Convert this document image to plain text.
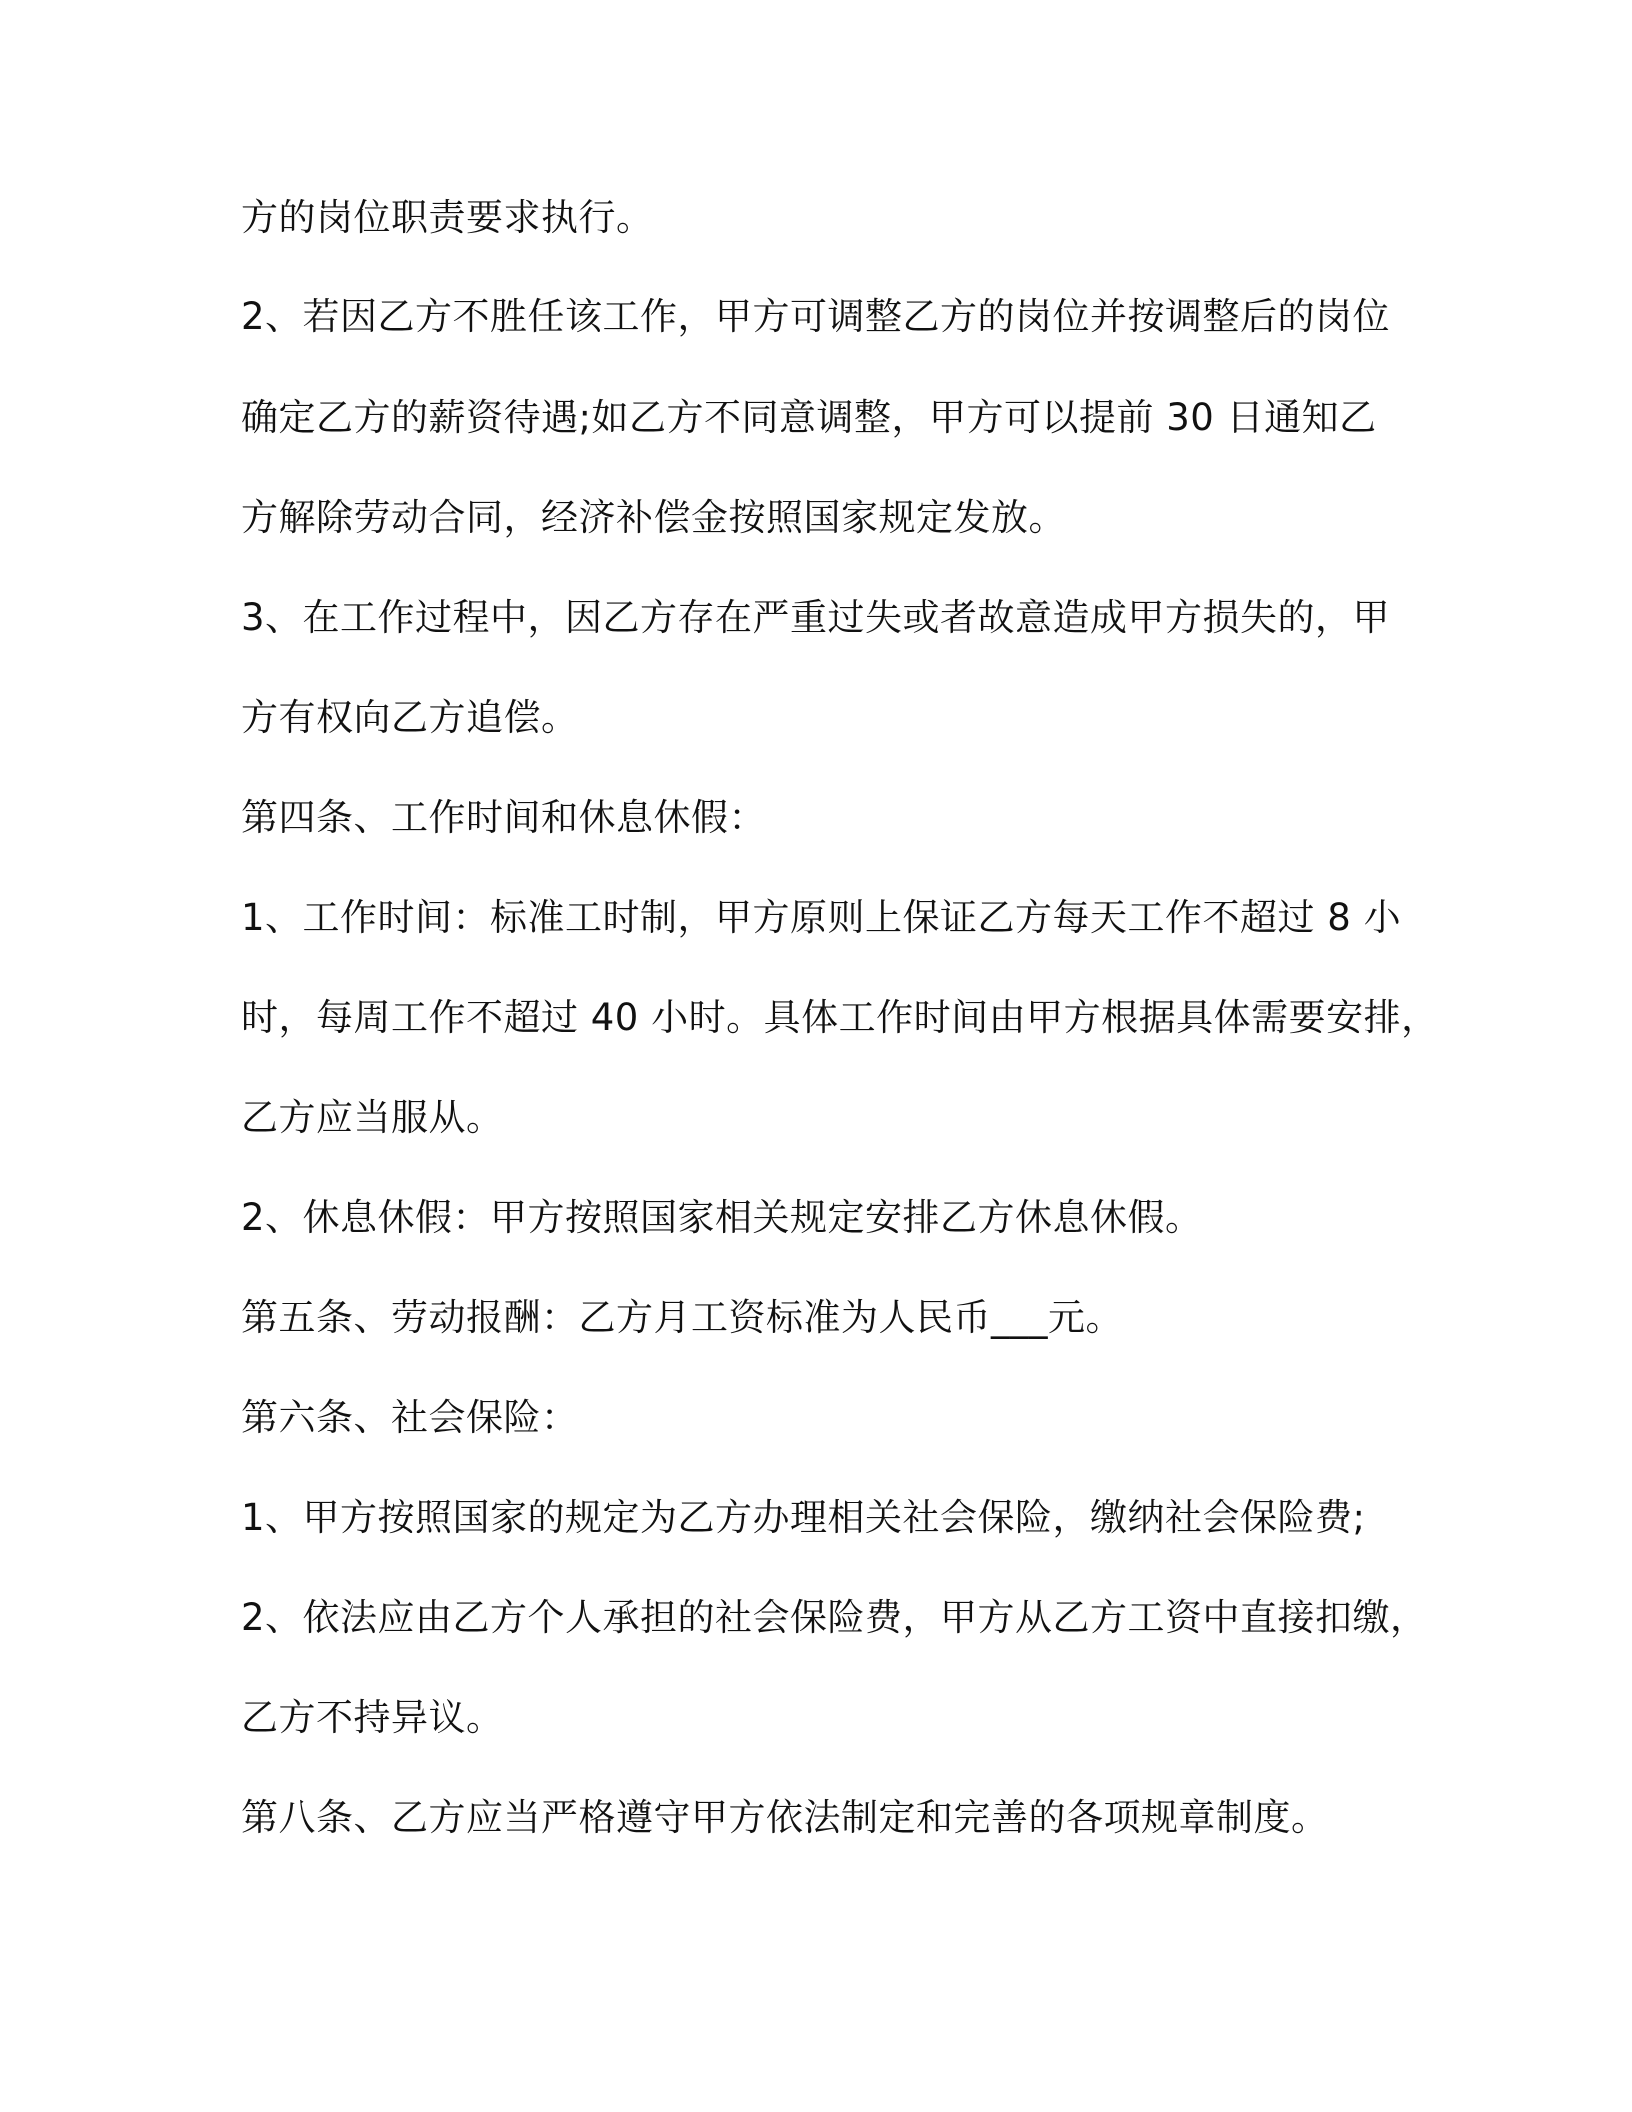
方的岗位职责要求执行。
2、若因乙方不胜任该工作，甲方可调整乙方的岗位并按调整后的岗位
确定乙方的薪资待遇;如乙方不同意调整，甲方可以提前 30 日通知乙
方解除劳动合同，经济补偿金按照国家规定发放。
3、在工作过程中，因乙方存在严重过失或者故意造成甲方损失的，甲
方有权向乙方追偿。
第四条、工作时间和休息休假：
1、工作时间：标准工时制，甲方原则上保证乙方每天工作不超过 8 小
时，每周工作不超过 40 小时。具体工作时间由甲方根据具体需要安排，
乙方应当服从。
2、休息休假：甲方按照国家相关规定安排乙方休息休假。
第五条、劳动报酬：乙方月工资标准为人民币___元。
第六条、社会保险：
1、甲方按照国家的规定为乙方办理相关社会保险，缴纳社会保险费;
2、依法应由乙方个人承担的社会保险费，甲方从乙方工资中直接扣缴，
乙方不持异议。
第八条、乙方应当严格遵守甲方依法制定和完善的各项规章制度。
